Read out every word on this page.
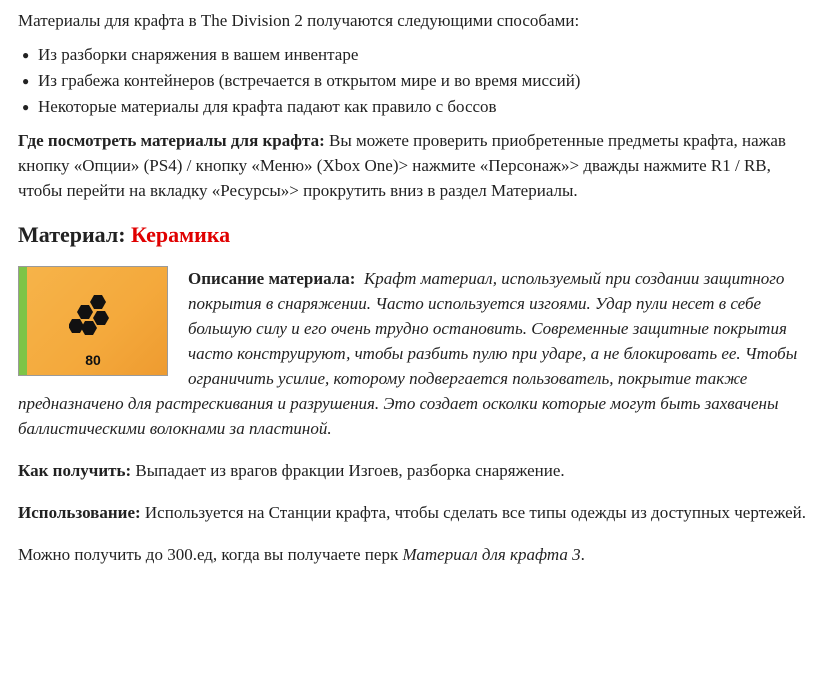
Материалы для крафта в The Division 2 получаются следующими способами:

● Из разборки снаряжения в вашем инвентаре
● Из грабежа контейнеров (встречается в открытом мире и во время миссий)
● Некоторые материалы для крафта падают как правило с боссов

Где посмотреть материалы для крафта: Вы можете проверить приобретенные предметы крафта, нажав кнопку «Опции» (PS4) / кнопку «Меню» (Xbox One)> нажмите «Персонаж»> дважды нажмите R1 / RB, чтобы перейти на вкладку «Ресурсы»> прокрутить вниз в раздел Материалы.

Материал: Керамика
80

Описание материала: Крафт материал, используемый при создании защитного покрытия в снаряжении. Часто используется изгоями. Удар пули несет в себе большую силу и его очень трудно остановить. Современные защитные покрытия часто конструируют, чтобы разбить пулю при ударе, а не блокировать ее. Чтобы ограничить усилие, которому подвергается пользователь, покрытие также предназначено для растрескивания и разрушения. Это создает осколки которые могут быть захвачены баллистическими волокнами за пластиной.

Как получить: Выпадает из врагов фракции Изгоев, разборка снаряжение.

Использование: Используется на Станции крафта, чтобы сделать все типы одежды из доступных чертежей.

Можно получить до 300.ед, когда вы получаете перк Материал для крафта 3.
